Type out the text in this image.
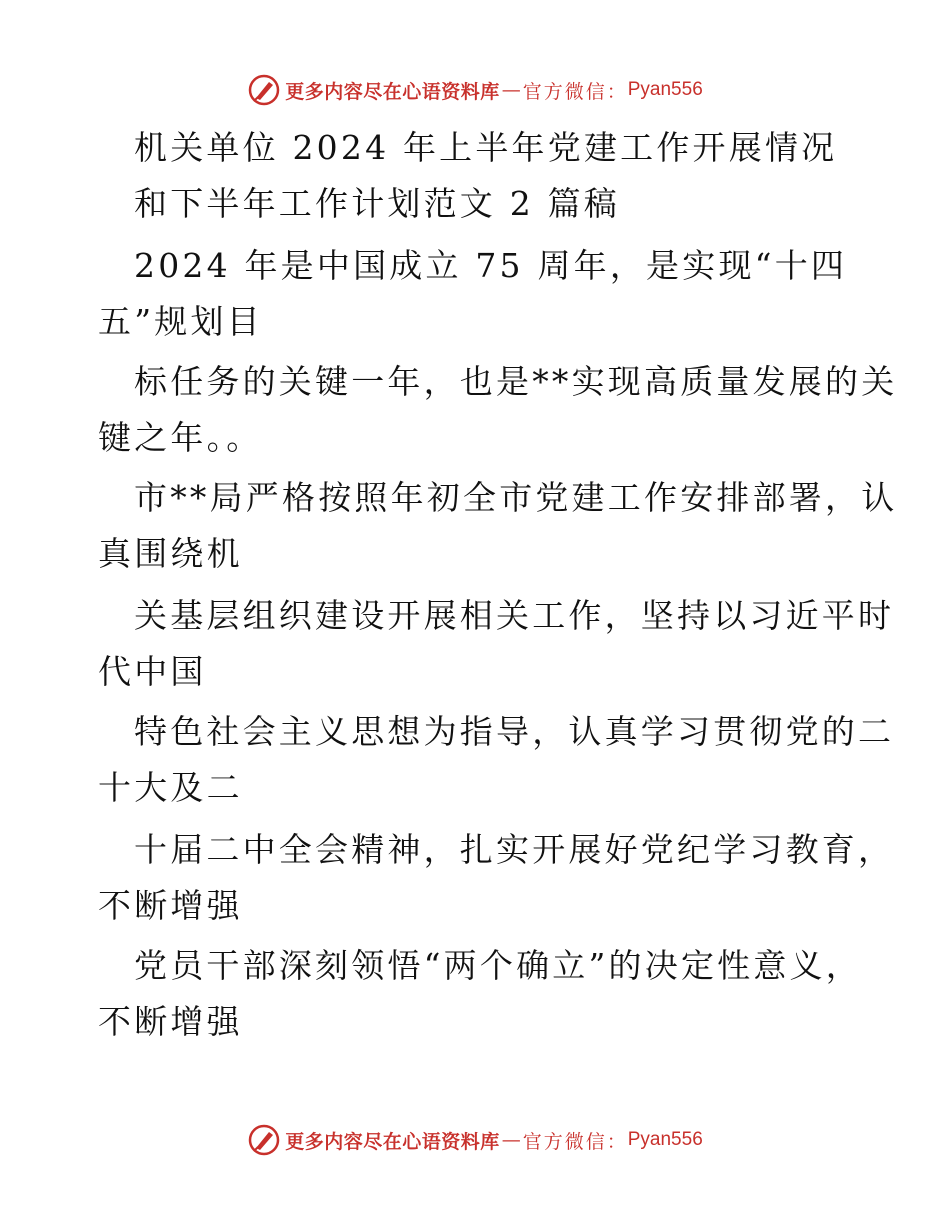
更多内容尽在心语资料库 — 官方微信： Pyan556
机关单位 2024 年上半年党建工作开展情况
和下半年工作计划范文 2 篇稿
2024 年是中国成立 75 周年，是实现“十四
五”规划目
标任务的关键一年，也是**实现高质量发展的关
键之年。。
市**局严格按照年初全市党建工作安排部署，认
真围绕机
关基层组织建设开展相关工作，坚持以习近平时
代中国
特色社会主义思想为指导，认真学习贯彻党的二
十大及二
十届二中全会精神，扎实开展好党纪学习教育，
不断增强
党员干部深刻领悟“两个确立”的决定性意义，
不断增强
更多内容尽在心语资料库 — 官方微信： Pyan556
